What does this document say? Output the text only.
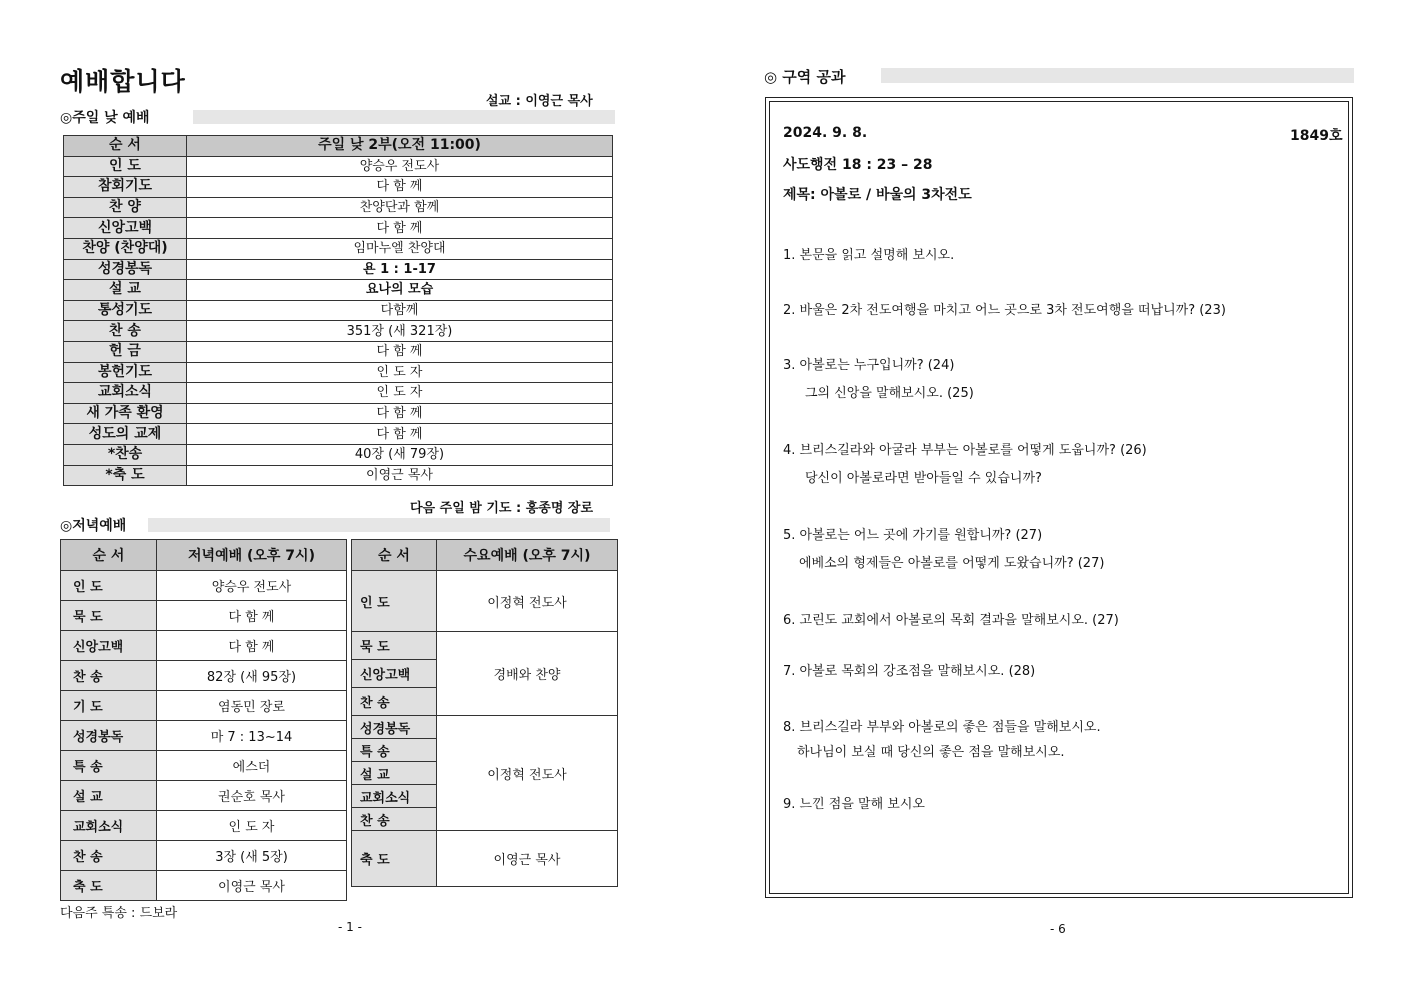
예배합니다
설교 : 이영근 목사
◎주일 낮 예배
순 서	주일 낮 2부(오전 11:00)
인 도	양승우 전도사
참회기도	다 함 께
찬 양	찬양단과 함께
신앙고백	다 함 께
찬양 (찬양대)	임마누엘 찬양대
성경봉독	욘 1 : 1-17
설 교	요나의 모습
통성기도	다함께
찬 송	351장 (새 321장)
헌 금	다 함 께
봉헌기도	인 도 자
교회소식	인 도 자
새 가족 환영	다 함 께
성도의 교제	다 함 께
*찬송	40장 (새 79장)
*축 도	이영근 목사
다음 주일 밤 기도 : 홍종명 장로
◎저녁예배
순 서	저녁예배 (오후 7시)
인 도	양승우 전도사
묵 도	다 함 께
신앙고백	다 함 께
찬 송	82장 (새 95장)
기 도	염동민 장로
성경봉독	마 7 : 13~14
특 송	에스더
설 교	권순호 목사
교회소식	인 도 자
찬 송	3장 (새 5장)
축 도	이영근 목사
순 서	수요예배 (오후 7시)
인 도	이정혁 전도사
묵 도	경배와 찬양
신앙고백	
찬 송	
성경봉독	이정혁 전도사
특 송	
설 교	
교회소식	
찬 송	
축 도	이영근 목사
다음주 특송 : 드보라
- 1 -
◎ 구역 공과
2024. 9. 8.	1849호
사도행전 18 : 23 – 28
제목: 아볼로 / 바울의 3차전도
1. 본문을 읽고 설명해 보시오.
2. 바울은 2차 전도여행을 마치고 어느 곳으로 3차 전도여행을 떠납니까? (23)
3. 아볼로는 누구입니까? (24)
그의 신앙을 말해보시오. (25)
4. 브리스길라와 아굴라 부부는 아볼로를 어떻게 도웁니까? (26)
당신이 아볼로라면 받아들일 수 있습니까?
5. 아볼로는 어느 곳에 가기를 원합니까? (27)
에베소의 형제들은 아볼로를 어떻게 도왔습니까? (27)
6. 고린도 교회에서 아볼로의 목회 결과을 말해보시오. (27)
7. 아볼로 목회의 강조점을 말해보시오. (28)
8. 브리스길라 부부와 아볼로의 좋은 점들을 말해보시오.
하나님이 보실 때 당신의 좋은 점을 말해보시오.
9. 느낀 점을 말해 보시오
- 6
